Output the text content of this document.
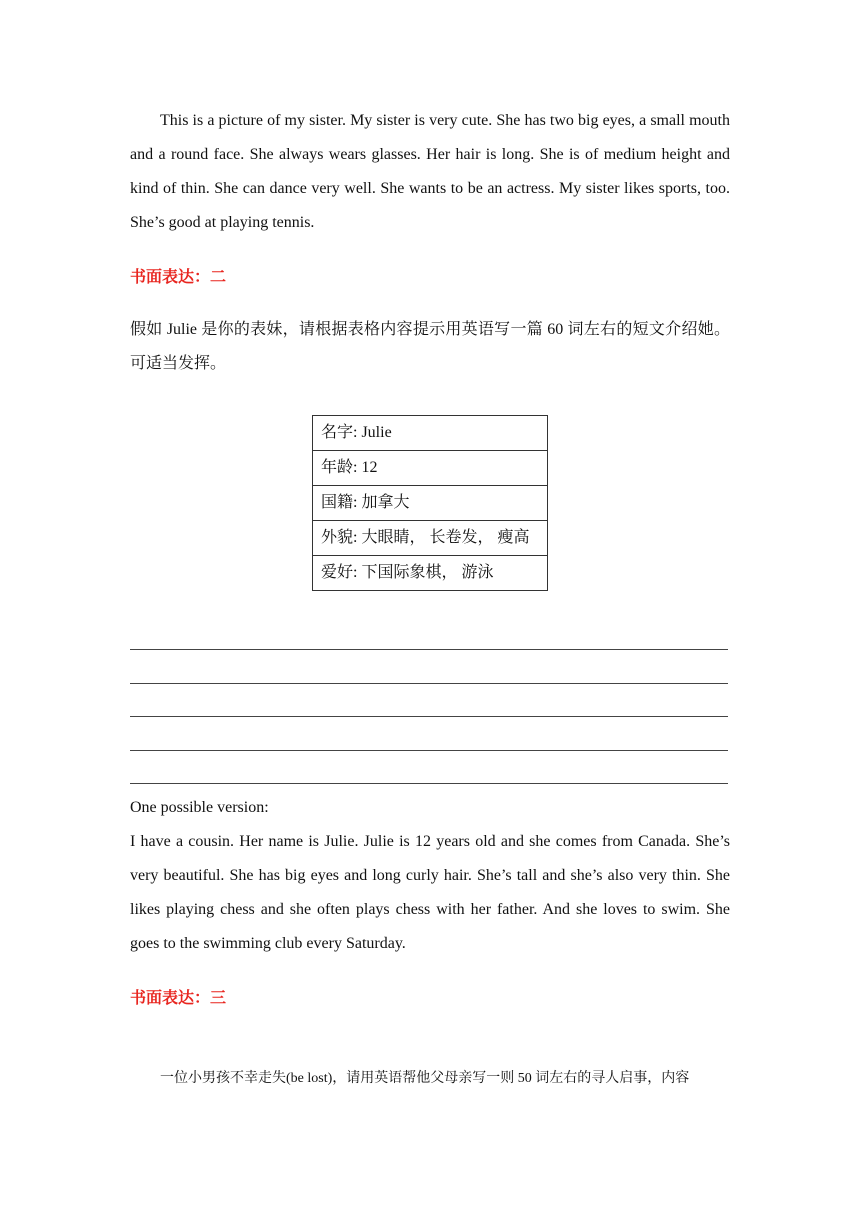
This is a picture of my sister. My sister is very cute. She has two big eyes, a small mouth and a round face. She always wears glasses. Her hair is long. She is of medium height and kind of thin. She can dance very well. She wants to be an actress. My sister likes sports, too. She’s good at playing tennis.

书面表达：二

假如 Julie 是你的表妹，请根据表格内容提示用英语写一篇 60 词左右的短文介绍她。可适当发挥。

名字: Julie
年龄: 12
国籍: 加拿大
外貌: 大眼睛， 长卷发， 瘦高
爱好: 下国际象棋， 游泳

One possible version:

I have a cousin. Her name is Julie. Julie is 12 years old and she comes from Canada. She’s very beautiful. She has big eyes and long curly hair. She’s tall and she’s also very thin. She likes playing chess and she often plays chess with her father. And she loves to swim. She goes to the swimming club every Saturday.

书面表达：三

一位小男孩不幸走失(be lost)，请用英语帮他父母亲写一则 50 词左右的寻人启事，内容
